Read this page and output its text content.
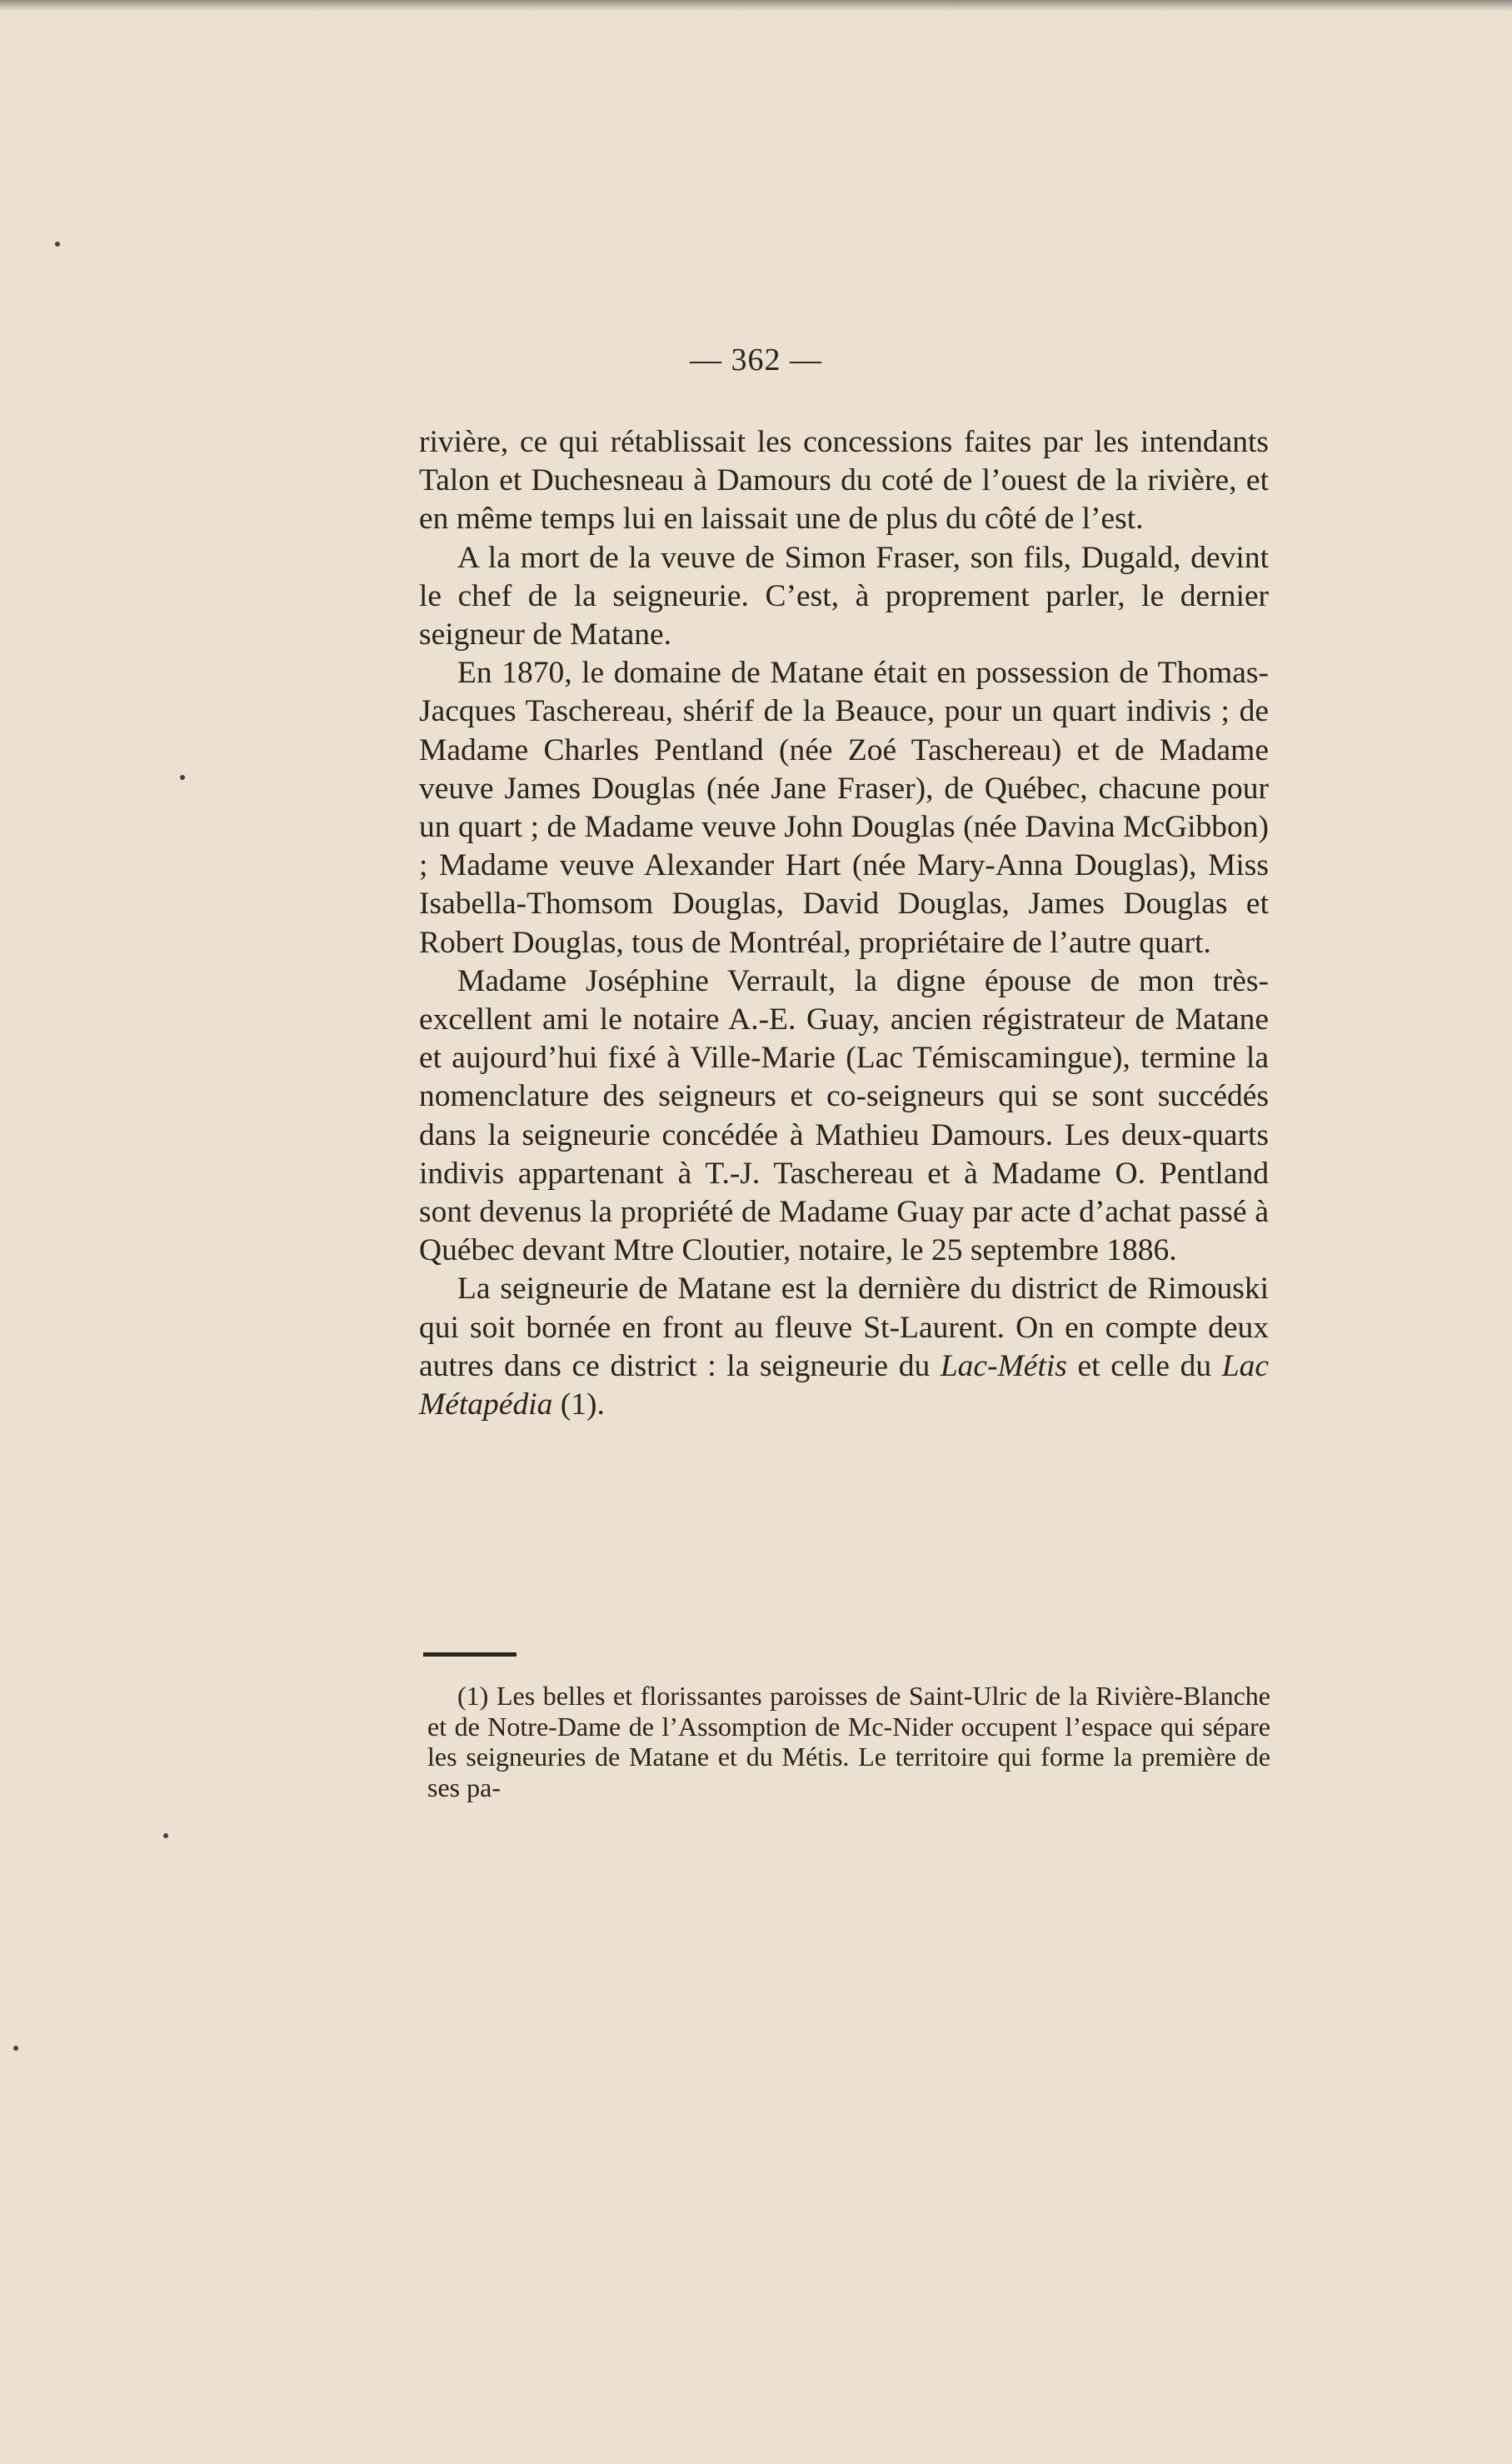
— 362 —

rivière, ce qui rétablissait les concessions faites par les intendants Talon et Duchesneau à Damours du coté de l’ouest de la rivière, et en même temps lui en laissait une de plus du côté de l’est.

A la mort de la veuve de Simon Fraser, son fils, Dugald, devint le chef de la seigneurie. C’est, à proprement parler, le dernier seigneur de Matane.

En 1870, le domaine de Matane était en possession de Thomas-Jacques Taschereau, shérif de la Beauce, pour un quart indivis ; de Madame Charles Pentland (née Zoé Taschereau) et de Madame veuve James Douglas (née Jane Fraser), de Québec, chacune pour un quart ; de Madame veuve John Douglas (née Davina McGibbon) ; Madame veuve Alexander Hart (née Mary-Anna Douglas), Miss Isabella-Thomsom Douglas, David Douglas, James Douglas et Robert Douglas, tous de Montréal, propriétaire de l’autre quart.

Madame Joséphine Verrault, la digne épouse de mon très-excellent ami le notaire A.-E. Guay, ancien régistrateur de Matane et aujourd’hui fixé à Ville-Marie (Lac Témiscamingue), termine la nomenclature des seigneurs et co-seigneurs qui se sont succédés dans la seigneurie concédée à Mathieu Damours. Les deux-quarts indivis appartenant à T.-J. Taschereau et à Madame O. Pentland sont devenus la propriété de Madame Guay par acte d’achat passé à Québec devant Mtre Cloutier, notaire, le 25 septembre 1886.

La seigneurie de Matane est la dernière du district de Rimouski qui soit bornée en front au fleuve St-Laurent. On en compte deux autres dans ce district : la seigneurie du Lac-Métis et celle du Lac Métapédia (1).

(1) Les belles et florissantes paroisses de Saint-Ulric de la Rivière-Blanche et de Notre-Dame de l’Assomption de Mc-Nider occupent l’espace qui sépare les seigneuries de Matane et du Métis. Le territoire qui forme la première de ses pa-
